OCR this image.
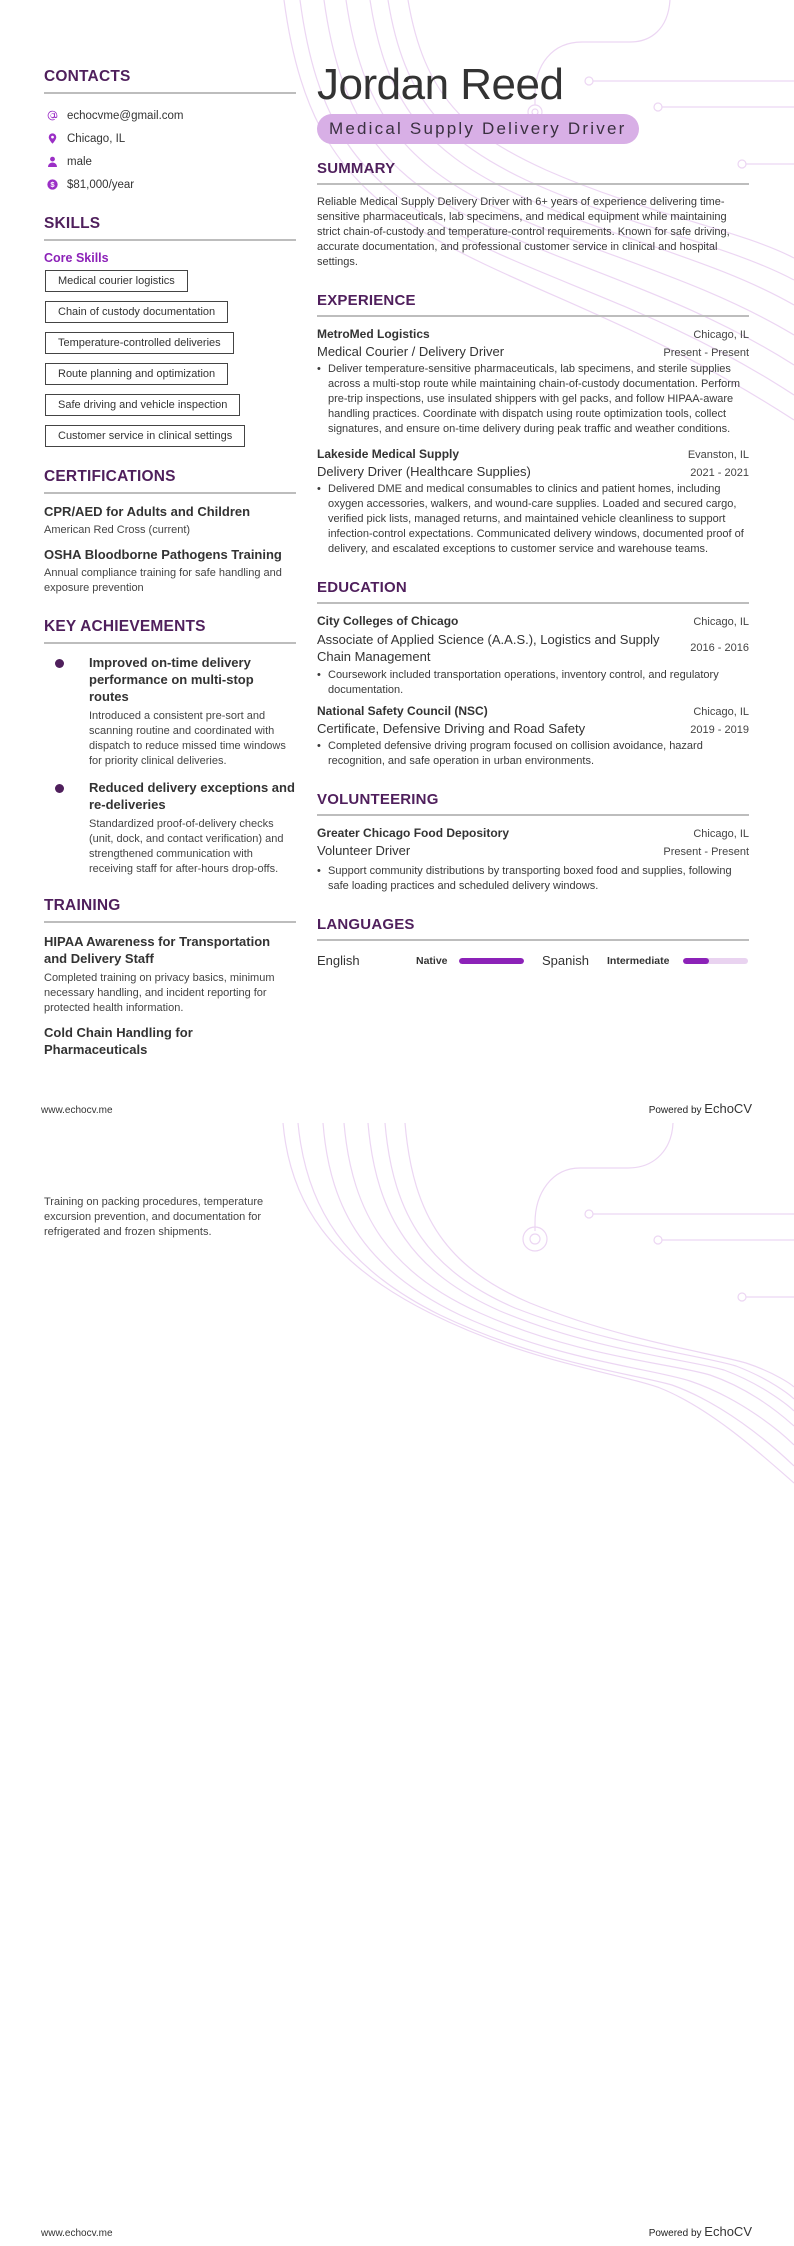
CONTACTS
echocvme@gmail.com
Chicago, IL
male
$ $81,000/year
SKILLS
Core Skills
Medical courier logistics
Chain of custody documentation
Temperature-controlled deliveries
Route planning and optimization
Safe driving and vehicle inspection
Customer service in clinical settings
CERTIFICATIONS
CPR/AED for Adults and Children
American Red Cross (current)
OSHA Bloodborne Pathogens Training
Annual compliance training for safe handling and exposure prevention
KEY ACHIEVEMENTS
Improved on-time delivery performance on multi-stop routes
Introduced a consistent pre-sort and scanning routine and coordinated with dispatch to reduce missed time windows for priority clinical deliveries.
Reduced delivery exceptions and re-deliveries
Standardized proof-of-delivery checks (unit, dock, and contact verification) and strengthened communication with receiving staff for after-hours drop-offs.
TRAINING
HIPAA Awareness for Transportation and Delivery Staff
Completed training on privacy basics, minimum necessary handling, and incident reporting for protected health information.
Cold Chain Handling for Pharmaceuticals
Jordan Reed
Medical Supply Delivery Driver
SUMMARY

Reliable Medical Supply Delivery Driver with 6+ years of experience delivering time-sensitive pharmaceuticals, lab specimens, and medical equipment while maintaining strict chain-of-custody and temperature-control requirements. Known for safe driving, accurate documentation, and professional customer service in clinical and hospital settings.

EXPERIENCE
MetroMed Logistics	Chicago, IL
Medical Courier / Delivery Driver	Present - Present
• Deliver temperature-sensitive pharmaceuticals, lab specimens, and sterile supplies across a multi-stop route while maintaining chain-of-custody documentation. Perform pre-trip inspections, use insulated shippers with gel packs, and follow HIPAA-aware handling practices. Coordinate with dispatch using route optimization tools, collect signatures, and ensure on-time delivery during peak traffic and weather conditions.
Lakeside Medical Supply	Evanston, IL
Delivery Driver (Healthcare Supplies)	2021 - 2021
• Delivered DME and medical consumables to clinics and patient homes, including oxygen accessories, walkers, and wound-care supplies. Loaded and secured cargo, verified pick lists, managed returns, and maintained vehicle cleanliness to support infection-control expectations. Communicated delivery windows, documented proof of delivery, and escalated exceptions to customer service and warehouse teams.
EDUCATION
City Colleges of Chicago	Chicago, IL
Associate of Applied Science (A.A.S.), Logistics and Supply Chain Management
2016 - 2016
• Coursework included transportation operations, inventory control, and regulatory documentation.
National Safety Council (NSC)	Chicago, IL
Certificate, Defensive Driving and Road Safety	2019 - 2019
• Completed defensive driving program focused on collision avoidance, hazard recognition, and safe operation in urban environments.
VOLUNTEERING
Greater Chicago Food Depository	Chicago, IL
Volunteer Driver	Present - Present
• Support community distributions by transporting boxed food and supplies, following safe loading practices and scheduled delivery windows.
LANGUAGES
English	Native	Spanish	Intermediate
www.echocv.me	Powered by EchoCV
Training on packing procedures, temperature excursion prevention, and documentation for refrigerated and frozen shipments.
www.echocv.me	Powered by EchoCV
